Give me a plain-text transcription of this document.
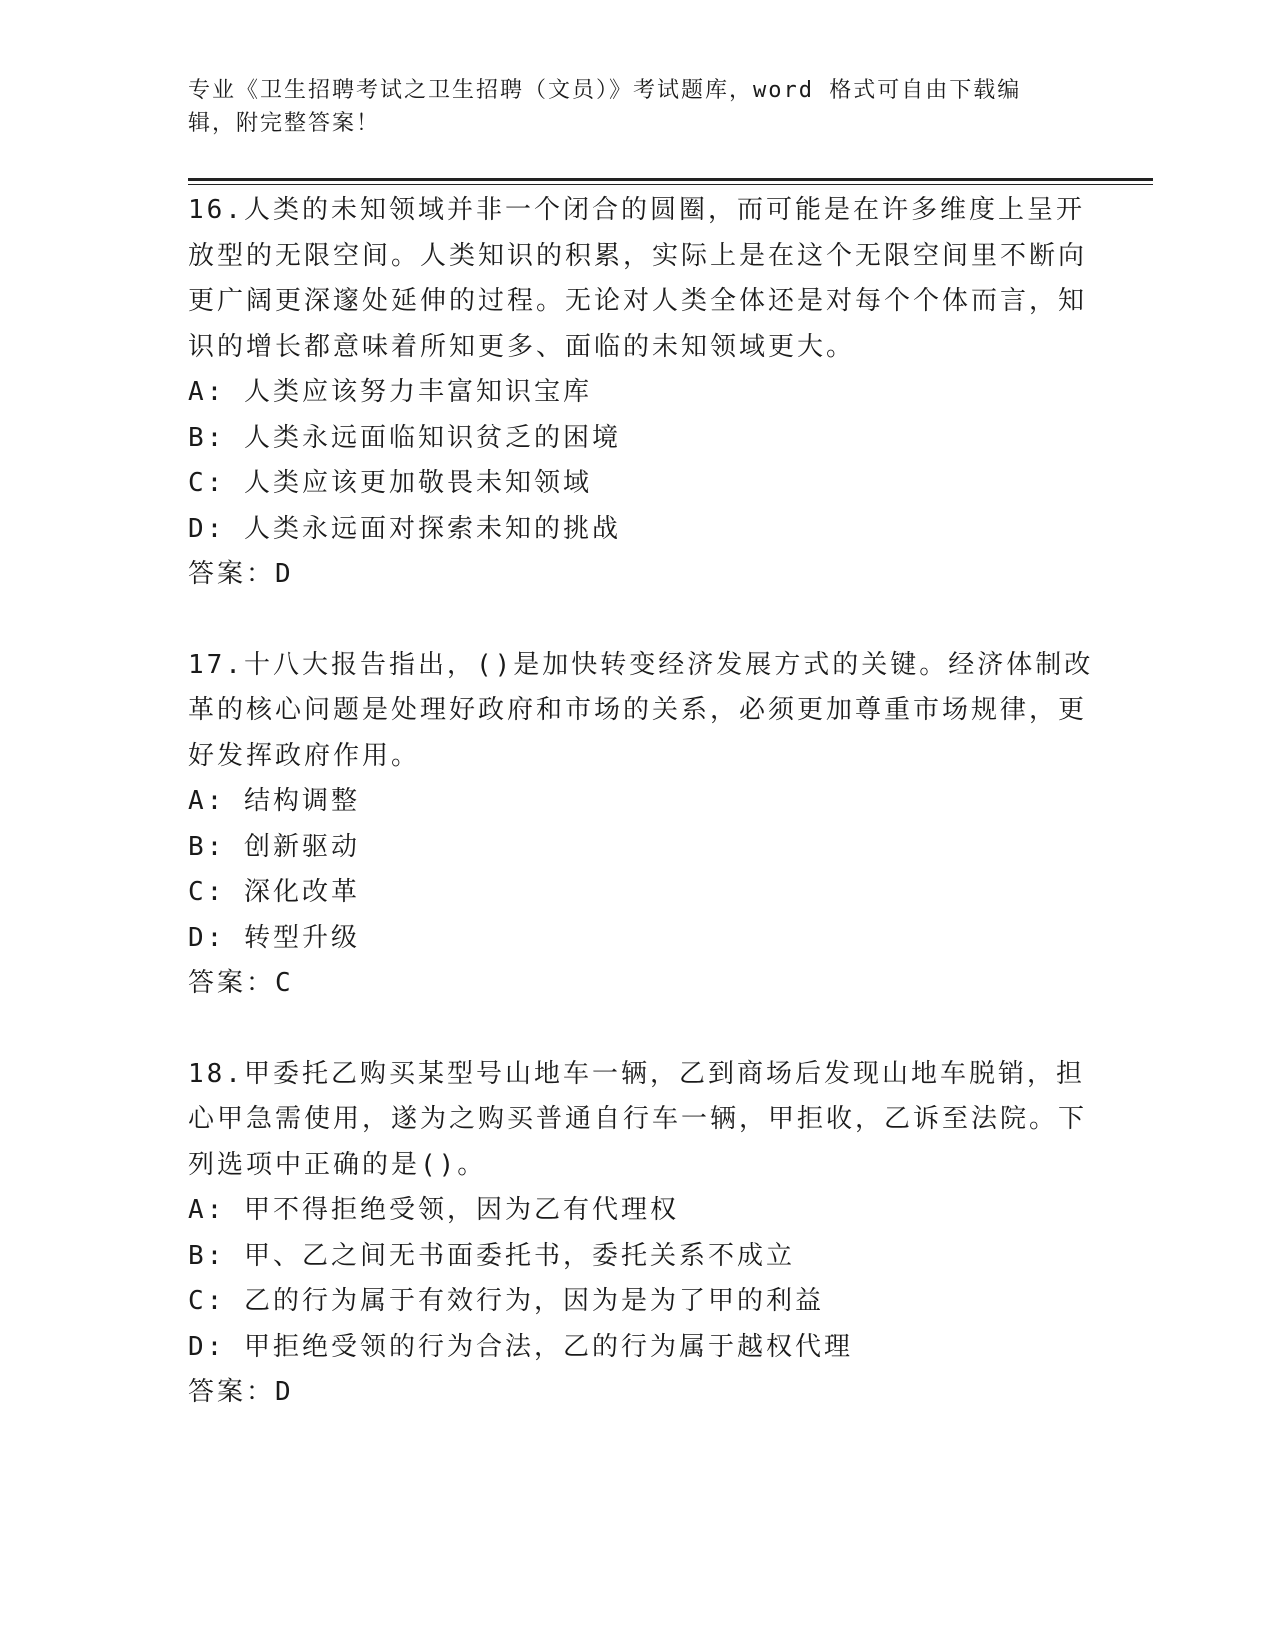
专业《卫生招聘考试之卫生招聘（文员）》考试题库，word 格式可自由下载编辑，附完整答案！

16.人类的未知领域并非一个闭合的圆圈，而可能是在许多维度上呈开放型的无限空间。人类知识的积累，实际上是在这个无限空间里不断向更广阔更深邃处延伸的过程。无论对人类全体还是对每个个体而言，知识的增长都意味着所知更多、面临的未知领域更大。

A: 人类应该努力丰富知识宝库

B: 人类永远面临知识贫乏的困境

C: 人类应该更加敬畏未知领域

D: 人类永远面对探索未知的挑战

答案：D

17.十八大报告指出，()是加快转变经济发展方式的关键。经济体制改革的核心问题是处理好政府和市场的关系，必须更加尊重市场规律，更好发挥政府作用。

A: 结构调整

B: 创新驱动

C: 深化改革

D: 转型升级

答案：C

18.甲委托乙购买某型号山地车一辆，乙到商场后发现山地车脱销，担心甲急需使用，遂为之购买普通自行车一辆，甲拒收，乙诉至法院。下列选项中正确的是()。

A: 甲不得拒绝受领，因为乙有代理权

B: 甲、乙之间无书面委托书，委托关系不成立

C: 乙的行为属于有效行为，因为是为了甲的利益

D: 甲拒绝受领的行为合法，乙的行为属于越权代理

答案：D
